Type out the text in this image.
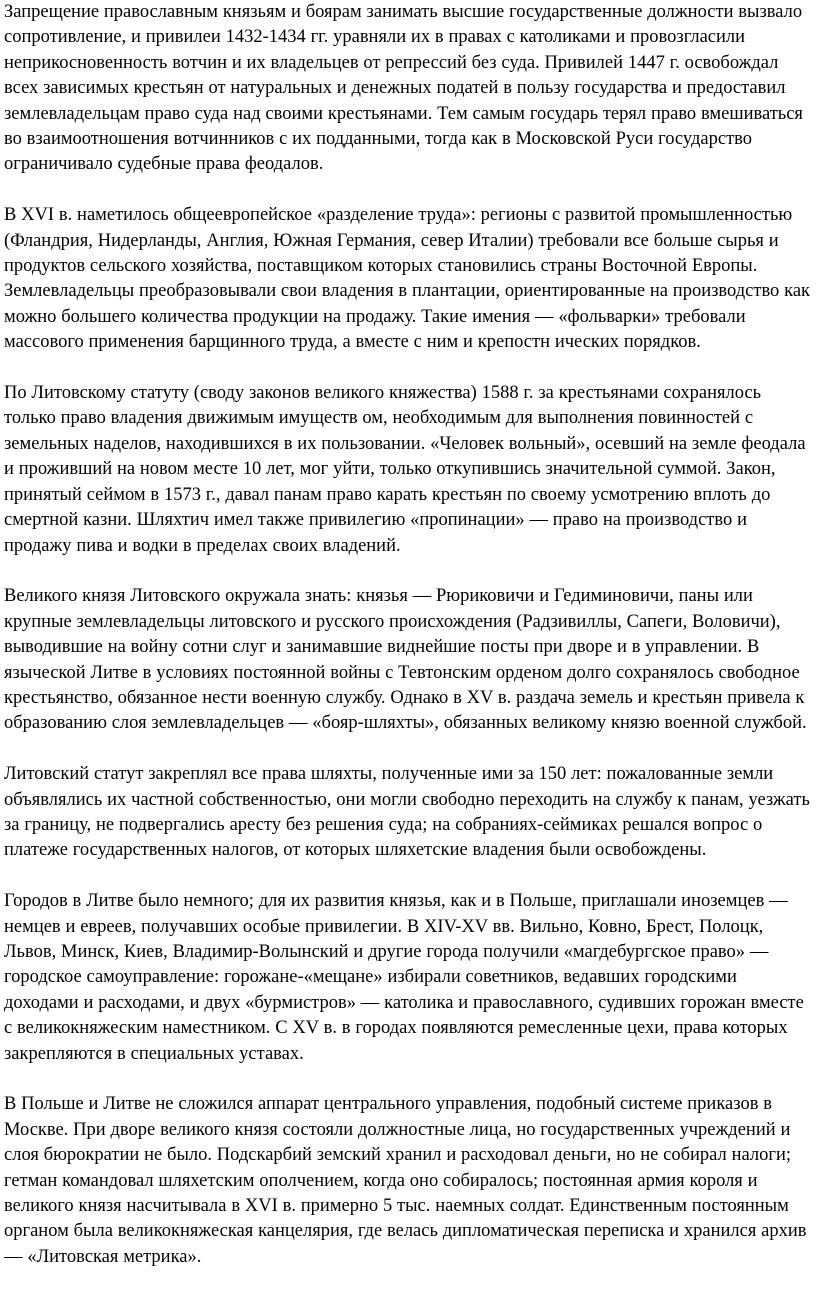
Запрещение православным князьям и боярам занимать высшие государственные должности вызвало сопротивление, и привилеи 1432-1434 гг. уравняли их в правах с католиками и провозгласили неприкосновенность вотчин и их владельцев от репрессий без суда. Привилей 1447 г. освобождал всех зависимых крестьян от натуральных и денежных податей в пользу государства и предоставил землевладельцам право суда над своими крестьянами. Тем самым государь терял право вмешиваться во взаимоотношения вотчинников с их подданными, тогда как в Московской Руси государство ограничивало судебные права феодалов.

В XVI в. наметилось общеевропейское «разделение труда»: регионы с развитой промышленностью (Фландрия, Нидерланды, Англия, Южная Германия, север Италии) требовали все больше сырья и продуктов сельского хозяйства, поставщиком которых становились страны Восточной Европы. Землевладельцы преобразовывали свои владения в плантации, ориентированные на производство как можно большего количества продукции на продажу. Такие имения — «фольварки» требовали массового применения барщинного труда, а вместе с ним и крепостн ических порядков.

По Литовскому статуту (своду законов великого княжества) 1588 г. за крестьянами сохранялось только право владения движимым имуществ ом, необходимым для выполнения повинностей с земельных наделов, находившихся в их пользовании. «Человек вольный», осевший на земле феодала и проживший на новом месте 10 лет, мог уйти, только откупившись значительной суммой. Закон, принятый сеймом в 1573 г., давал панам право карать крестьян по своему усмотрению вплоть до смертной казни. Шляхтич имел также привилегию «пропинации» — право на производство и продажу пива и водки в пределах своих владений.

Великого князя Литовского окружала знать: князья — Рюриковичи и Гедиминовичи, паны или крупные землевладельцы литовского и русского происхождения (Радзивиллы, Сапеги, Воловичи), выводившие на войну сотни слуг и занимавшие виднейшие посты при дворе и в управлении. В языческой Литве в условиях постоянной войны с Тевтонским орденом долго сохранялось свободное крестьянство, обязанное нести военную службу. Однако в XV в. раздача земель и крестьян привела к образованию слоя землевладельцев — «бояр-шляхты», обязанных великому князю военной службой.

Литовский статут закреплял все права шляхты, полученные ими за 150 лет: пожалованные земли объявлялись их частной собственностью, они могли свободно переходить на службу к панам, уезжать за границу, не подвергались аресту без решения суда; на собраниях-сеймиках решался вопрос о платеже государственных налогов, от которых шляхетские владения были освобождены.

Городов в Литве было немного; для их развития князья, как и в Польше, приглашали иноземцев — немцев и евреев, получавших особые привилегии. В XIV-XV вв. Вильно, Ковно, Брест, Полоцк, Львов, Минск, Киев, Владимир-Волынский и другие города получили «магдебургское право» — городское самоуправление: горожане-«мещане» избирали советников, ведавших городскими доходами и расходами, и двух «бурмистров» — католика и православного, судивших горожан вместе с великокняжеским наместником. С XV в. в городах появляются ремесленные цехи, права которых закрепляются в специальных уставах.

В Польше и Литве не сложился аппарат центрального управления, подобный системе приказов в Москве. При дворе великого князя состояли должностные лица, но государственных учреждений и слоя бюрократии не было. Подскарбий земский хранил и расходовал деньги, но не собирал налоги; гетман командовал шляхетским ополчением, когда оно собиралось; постоянная армия короля и великого князя насчитывала в XVI в. примерно 5 тыс. наемных солдат. Единственным постоянным органом была великокняжеская канцелярия, где велась дипломатическая переписка и хранился архив — «Литовская метрика».
